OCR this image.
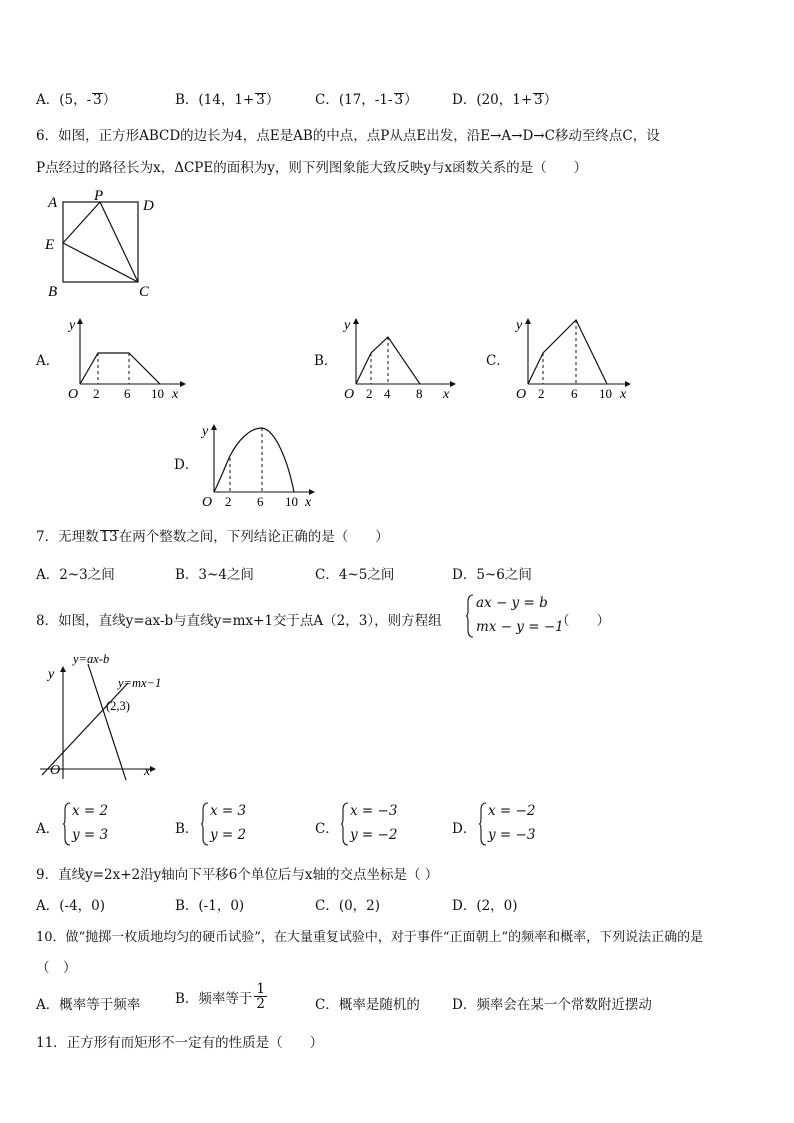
A．(5，- 3）	B．(14，1+ 3）	C．(17，-1- 3）	D．(20，1+ 3）
6．如图，正方形ABCD的边长为4，点E是AB的中点，点P从点E出发，沿E→A→D→C移动至终点C，设
P点经过的路径长为x，ΔCPE的面积为y，则下列图象能大致反映y与x函数关系的是（　　）
A P
D
E
B	C
A．
y
O 2 6 10 x
B．
y
O 2 4 8 x
C．
y
O 2 6 10 x
D．
y
O 2 6 10 x
7．无理数 13在两个整数之间，下列结论正确的是（　　）
A．2~3之间	B．3~4之间	C．4~5之间	D．5~6之间
8．如图，直线y=ax-b与直线y=mx+1交于点A（2，3），则方程组
ax − y = b
mx − y = −1
（　　）
y=ax-b
y=mx−1
(2,3)
y
O	x
A．
x = 2
y = 3	B．
x = 3
y = 2	C．
x = −3
y = −2	D．
x = −2
y = −3
9．直线y=2x+2沿y轴向下平移6个单位后与x轴的交点坐标是（ ）
A．(-4，0)	B．(-1，0)	C．(0，2)	D．(2，0)
10．做“抛掷一枚质地均匀的硬币试验”，在大量重复试验中，对于事件“正面朝上”的频率和概率，下列说法正确的是
（　）
A．概率等于频率	B．频率等于 $\frac{1}{2}$	C．概率是随机的 D．频率会在某一个常数附近摆动
11．正方形有而矩形不一定有的性质是（　　）
